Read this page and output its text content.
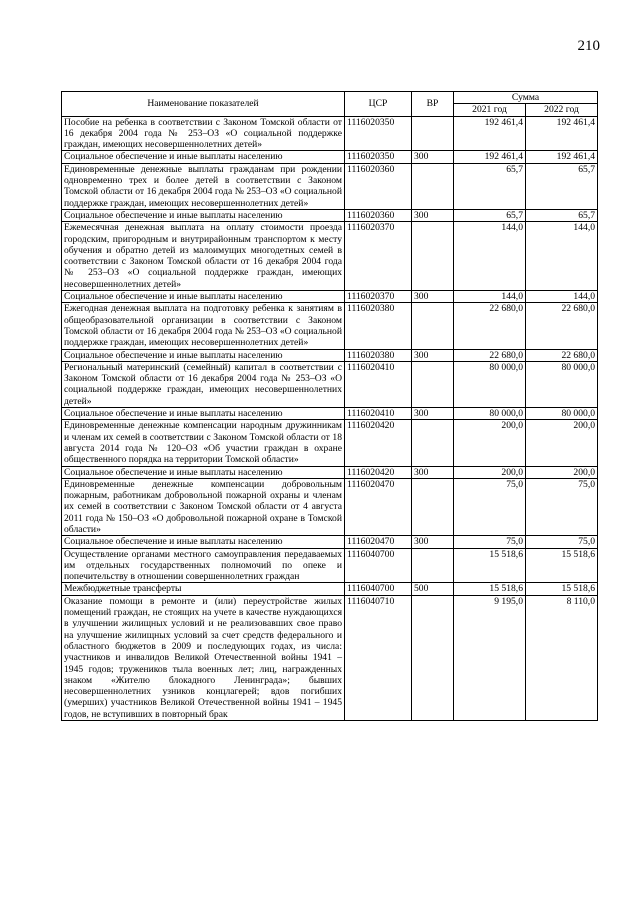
210
Наименование показателей	ЦСР	ВР	Сумма	
			2021 год	2022 год
Пособие на ребенка в соответствии с Законом Томской области от 16 декабря 2004 года № 253–ОЗ «О социальной поддержке граждан, имеющих несовершеннолетних детей»	1116020350		192 461,4	192 461,4
Социальное обеспечение и иные выплаты населению	1116020350	300	192 461,4	192 461,4
Единовременные денежные выплаты гражданам при рождении одновременно трех и более детей в соответствии с Законом Томской области от 16 декабря 2004 года № 253–ОЗ «О социальной поддержке граждан, имеющих несовершеннолетних детей»	1116020360		65,7	65,7
Социальное обеспечение и иные выплаты населению	1116020360	300	65,7	65,7
Ежемесячная денежная выплата на оплату стоимости проезда городским, пригородным и внутрирайонным транспортом к месту обучения и обратно детей из малоимущих многодетных семей в соответствии с Законом Томской области от 16 декабря 2004 года № 253–ОЗ «О социальной поддержке граждан, имеющих несовершеннолетних детей»	1116020370		144,0	144,0
Социальное обеспечение и иные выплаты населению	1116020370	300	144,0	144,0
Ежегодная денежная выплата на подготовку ребенка к занятиям в общеобразовательной организации в соответствии с Законом Томской области от 16 декабря 2004 года № 253–ОЗ «О социальной поддержке граждан, имеющих несовершеннолетних детей»	1116020380		22 680,0	22 680,0
Социальное обеспечение и иные выплаты населению	1116020380	300	22 680,0	22 680,0
Региональный материнский (семейный) капитал в соответствии с Законом Томской области от 16 декабря 2004 года № 253–ОЗ «О социальной поддержке граждан, имеющих несовершеннолетних детей»	1116020410		80 000,0	80 000,0
Социальное обеспечение и иные выплаты населению	1116020410	300	80 000,0	80 000,0
Единовременные денежные компенсации народным дружинникам и членам их семей в соответствии с Законом Томской области от 18 августа 2014 года № 120–ОЗ «Об участии граждан в охране общественного порядка на территории Томской области»	1116020420		200,0	200,0
Социальное обеспечение и иные выплаты населению	1116020420	300	200,0	200,0
Единовременные денежные компенсации добровольным пожарным, работникам добровольной пожарной охраны и членам их семей в соответствии с Законом Томской области от 4 августа 2011 года № 150–ОЗ «О добровольной пожарной охране в Томской области»	1116020470		75,0	75,0
Социальное обеспечение и иные выплаты населению	1116020470	300	75,0	75,0
Осуществление органами местного самоуправления передаваемых им отдельных государственных полномочий по опеке и попечительству в отношении совершеннолетних граждан	1116040700		15 518,6	15 518,6
Межбюджетные трансферты	1116040700	500	15 518,6	15 518,6
Оказание помощи в ремонте и (или) переустройстве жилых помещений граждан, не стоящих на учете в качестве нуждающихся в улучшении жилищных условий и не реализовавших свое право на улучшение жилищных условий за счет средств федерального и областного бюджетов в 2009 и последующих годах, из числа: участников и инвалидов Великой Отечественной войны 1941 – 1945 годов; тружеников тыла военных лет; лиц, награжденных знаком «Жителю блокадного Ленинграда»; бывших несовершеннолетних узников концлагерей; вдов погибших (умерших) участников Великой Отечественной войны 1941 – 1945 годов, не вступивших в повторный брак	1116040710		9 195,0	8 110,0
